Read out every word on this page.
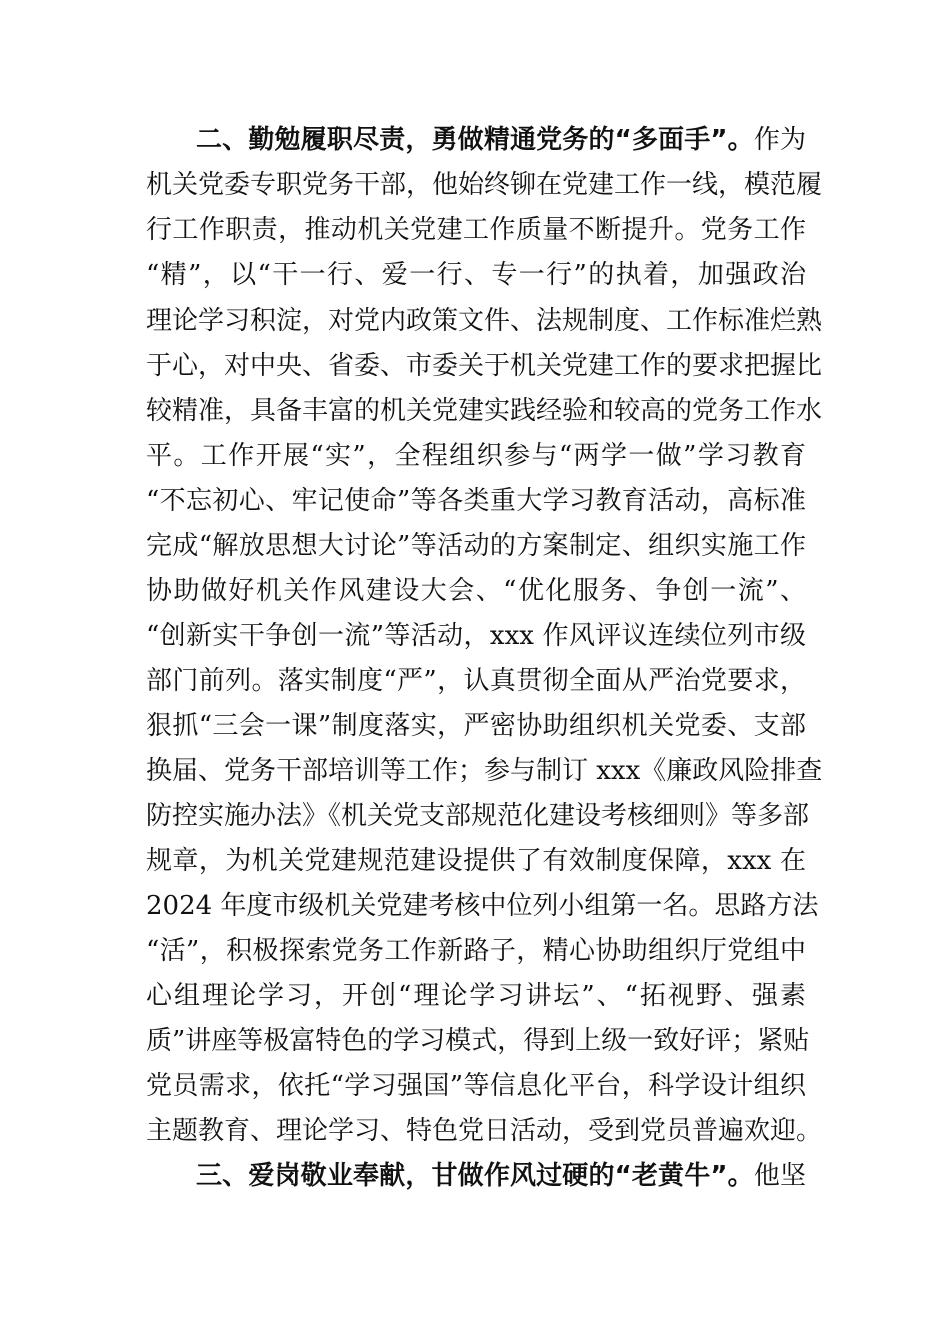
二、勤勉履职尽责，勇做精通党务的“多面手”。作为
机关党委专职党务干部，他始终铆在党建工作一线，模范履
行工作职责，推动机关党建工作质量不断提升。党务工作
“精”，以“干一行、爱一行、专一行”的执着，加强政治
理论学习积淀，对党内政策文件、法规制度、工作标准烂熟
于心，对中央、省委、市委关于机关党建工作的要求把握比
较精准，具备丰富的机关党建实践经验和较高的党务工作水
平。工作开展“实”，全程组织参与“两学一做”学习教育
“不忘初心、牢记使命”等各类重大学习教育活动，高标准
完成“解放思想大讨论”等活动的方案制定、组织实施工作
协助做好机关作风建设大会、“优化服务、争创一流”、
“创新实干争创一流”等活动，xxx 作风评议连续位列市级
部门前列。落实制度“严”，认真贯彻全面从严治党要求，
狠抓“三会一课”制度落实，严密协助组织机关党委、支部
换届、党务干部培训等工作；参与制订 xxx《廉政风险排查
防控实施办法》《机关党支部规范化建设考核细则》等多部
规章，为机关党建规范建设提供了有效制度保障，xxx 在
2024 年度市级机关党建考核中位列小组第一名。思路方法
“活”，积极探索党务工作新路子，精心协助组织厅党组中
心组理论学习，开创“理论学习讲坛”、“拓视野、强素
质”讲座等极富特色的学习模式，得到上级一致好评；紧贴
党员需求，依托“学习强国”等信息化平台，科学设计组织
主题教育、理论学习、特色党日活动，受到党员普遍欢迎。
三、爱岗敬业奉献，甘做作风过硬的“老黄牛”。他坚
